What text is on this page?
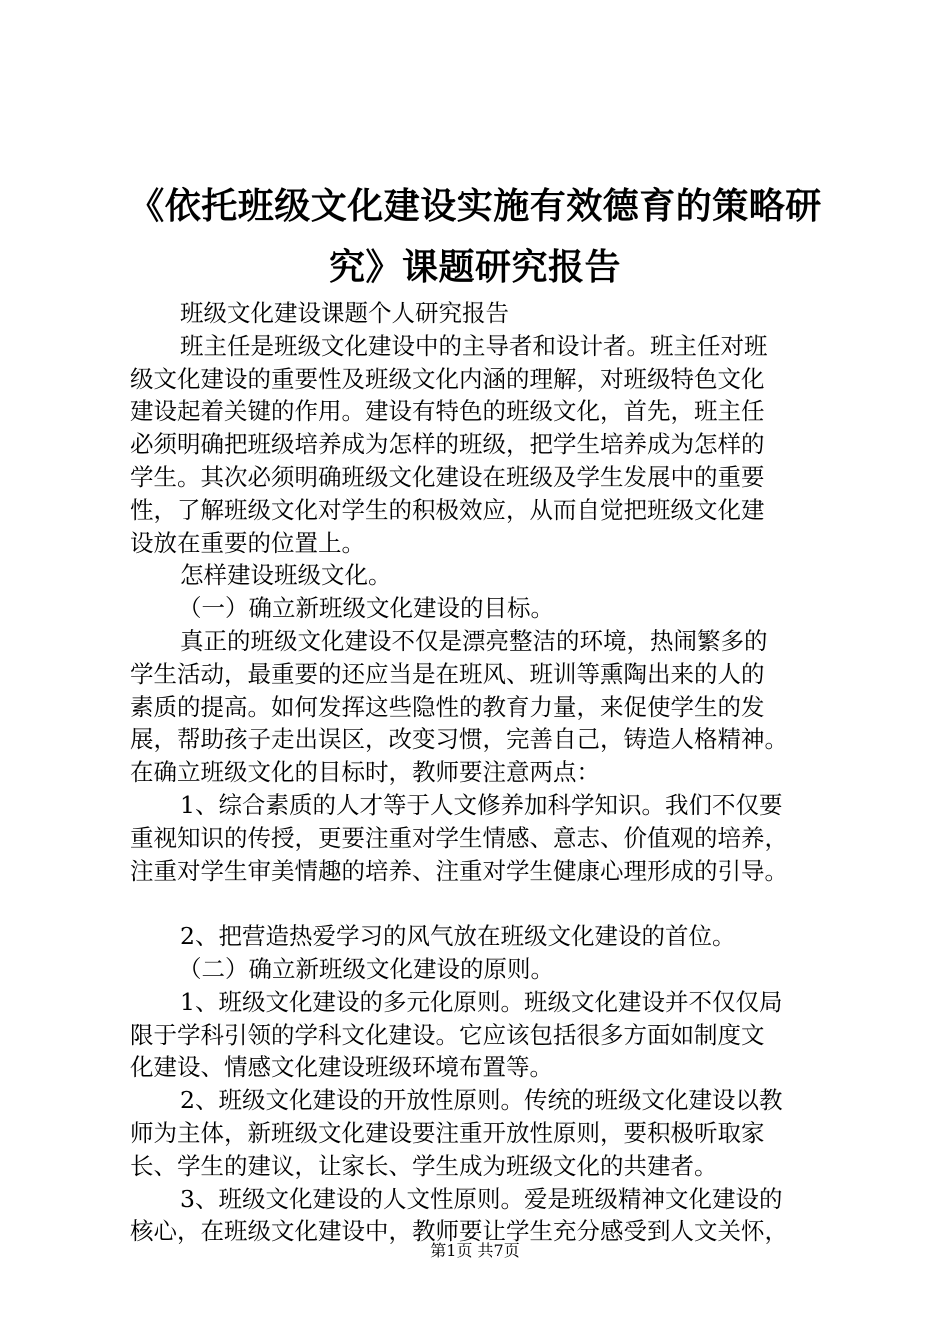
《依托班级文化建设实施有效德育的策略研
究》课题研究报告
班级文化建设课题个人研究报告
班主任是班级文化建设中的主导者和设计者。班主任对班
级文化建设的重要性及班级文化内涵的理解，对班级特色文化
建设起着关键的作用。建设有特色的班级文化，首先，班主任
必须明确把班级培养成为怎样的班级，把学生培养成为怎样的
学生。其次必须明确班级文化建设在班级及学生发展中的重要
性，了解班级文化对学生的积极效应，从而自觉把班级文化建
设放在重要的位置上。
怎样建设班级文化。
（一）确立新班级文化建设的目标。
真正的班级文化建设不仅是漂亮整洁的环境，热闹繁多的
学生活动，最重要的还应当是在班风、班训等熏陶出来的人的
素质的提高。如何发挥这些隐性的教育力量，来促使学生的发
展，帮助孩子走出误区，改变习惯，完善自己，铸造人格精神。
在确立班级文化的目标时，教师要注意两点：
1、综合素质的人才等于人文修养加科学知识。我们不仅要
重视知识的传授，更要注重对学生情感、意志、价值观的培养，
注重对学生审美情趣的培养、注重对学生健康心理形成的引导。
2、把营造热爱学习的风气放在班级文化建设的首位。
（二）确立新班级文化建设的原则。
1、班级文化建设的多元化原则。班级文化建设并不仅仅局
限于学科引领的学科文化建设。它应该包括很多方面如制度文
化建设、情感文化建设班级环境布置等。
2、班级文化建设的开放性原则。传统的班级文化建设以教
师为主体，新班级文化建设要注重开放性原则，要积极听取家
长、学生的建议，让家长、学生成为班级文化的共建者。
3、班级文化建设的人文性原则。爱是班级精神文化建设的
核心，在班级文化建设中，教师要让学生充分感受到人文关怀，
第1页 共7页
